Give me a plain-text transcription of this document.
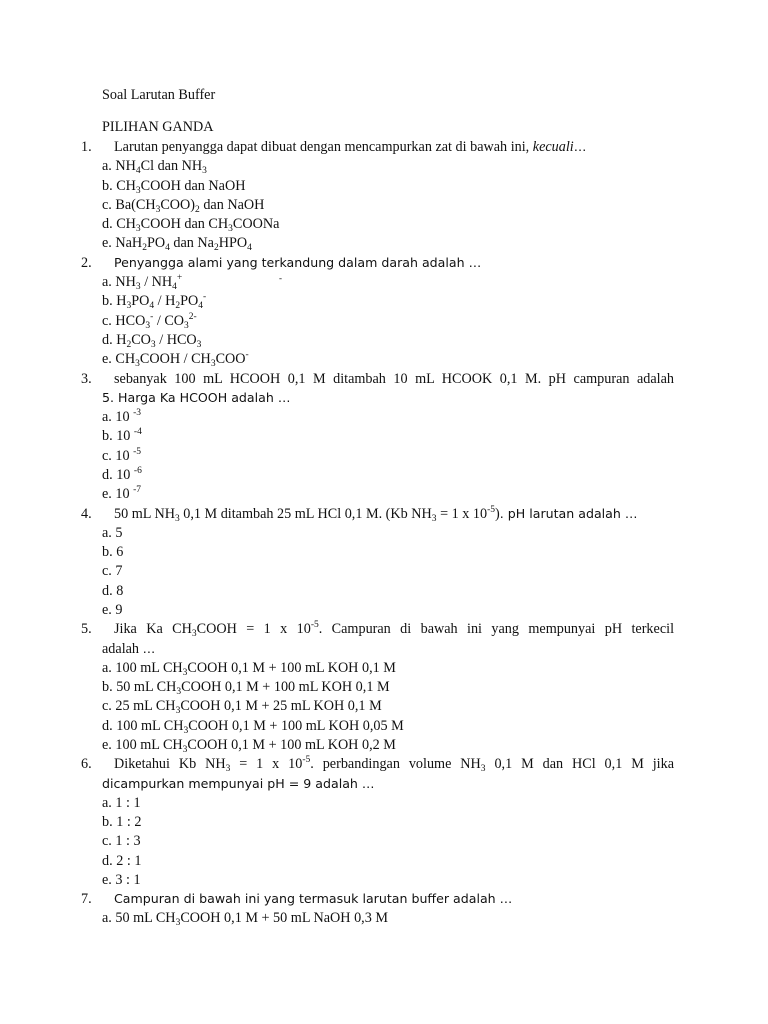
Soal Larutan Buffer
PILIHAN GANDA
1. Larutan penyangga dapat dibuat dengan mencampurkan zat di bawah ini, kecuali…
a. $NH_4Cl$ dan $NH_3$
b. $CH_3COOH$ dan NaOH
c. $Ba(CH_3COO)_2$ dan NaOH
d. $CH_3COOH$ dan $CH_3COONa$
e. $NaH_2PO_4$ dan $Na_2HPO_4$
2. Penyangga alami yang terkandung dalam darah adalah …
-
a. $NH_3 / NH_4^+$
b. $H_3PO_4 / H_2PO_4^-$
c. $HCO_3^- / CO_3^{2-}$
d. $H_2CO_3 / HCO_3$
e. $CH_3COOH / CH_3COO^-$
3. sebanyak 100 mL HCOOH 0,1 M ditambah 10 mL HCOOK 0,1 M. pH campuran adalah
5. Harga Ka HCOOH adalah …
a. 10 $^{-3}$
b. 10 $^{-4}$
c. 10 $^{-5}$
d. 10 $^{-6}$
e. 10 $^{-7}$
4. 50 mL $NH_3$ 0,1 M ditambah 25 mL HCl 0,1 M. (Kb $NH_3 = 1$ x $10^{-5}$). pH larutan adalah …
a. 5
b. 6
c. 7
d. 8
e. 9
5. Jika Ka $CH_3COOH = 1$ x $10^{-5}$. Campuran di bawah ini yang mempunyai pH terkecil
adalah …
a. 100 mL $CH_3COOH$ 0,1 M + 100 mL KOH 0,1 M
b. 50 mL $CH_3COOH$ 0,1 M + 100 mL KOH 0,1 M
c. 25 mL $CH_3COOH$ 0,1 M + 25 mL KOH 0,1 M
d. 100 mL $CH_3COOH$ 0,1 M + 100 mL KOH 0,05 M
e. 100 mL $CH_3COOH$ 0,1 M + 100 mL KOH 0,2 M
6. Diketahui Kb $NH_3 = 1$ x $10^{-5}$. perbandingan volume $NH_3$ 0,1 M dan HCl 0,1 M jika
dicampurkan mempunyai pH = 9 adalah …
a. 1 : 1
b. 1 : 2
c. 1 : 3
d. 2 : 1
e. 3 : 1
7. Campuran di bawah ini yang termasuk larutan buffer adalah …
a. 50 mL $CH_3COOH$ 0,1 M + 50 mL NaOH 0,3 M
